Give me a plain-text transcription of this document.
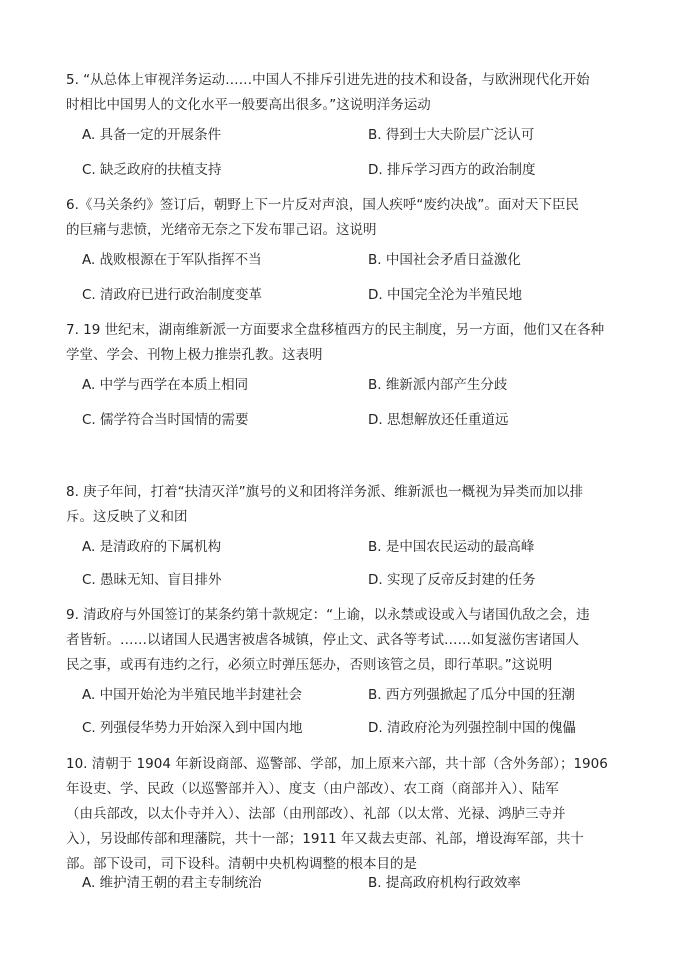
5. “从总体上审视洋务运动……中国人不排斥引进先进的技术和设备，与欧洲现代化开始
时相比中国男人的文化水平一般要高出很多。”这说明洋务运动
A. 具备一定的开展条件	B. 得到士大夫阶层广泛认可
C. 缺乏政府的扶植支持	D. 排斥学习西方的政治制度
6.《马关条约》签订后，朝野上下一片反对声浪，国人疾呼“废约决战”。面对天下臣民
的巨痛与悲愤，光绪帝无奈之下发布罪己诏。这说明
A. 战败根源在于军队指挥不当	B. 中国社会矛盾日益激化
C. 清政府已进行政治制度变革	D. 中国完全沦为半殖民地
7. 19 世纪末，湖南维新派一方面要求全盘移植西方的民主制度，另一方面，他们又在各种
学堂、学会、刊物上极力推崇孔教。这表明
A. 中学与西学在本质上相同	B. 维新派内部产生分歧
C. 儒学符合当时国情的需要	D. 思想解放还任重道远
8. 庚子年间，打着“扶清灭洋”旗号的义和团将洋务派、维新派也一概视为异类而加以排
斥。这反映了义和团
A. 是清政府的下属机构	B. 是中国农民运动的最高峰
C. 愚昧无知、盲目排外	D. 实现了反帝反封建的任务
9. 清政府与外国签订的某条约第十款规定：“上谕，以永禁或设或入与诸国仇敌之会，违
者皆斩。……以诸国人民遇害被虐各城镇，停止文、武各等考试……如复滋伤害诸国人
民之事，或再有违约之行，必须立时弹压惩办，否则该管之员，即行革职。”这说明
A. 中国开始沦为半殖民地半封建社会	B. 西方列强掀起了瓜分中国的狂潮
C. 列强侵华势力开始深入到中国内地	D. 清政府沦为列强控制中国的傀儡
10. 清朝于 1904 年新设商部、巡警部、学部，加上原来六部，共十部（含外务部）；1906
年设吏、学、民政（以巡警部并入）、度支（由户部改）、农工商（商部并入）、陆军
（由兵部改，以太仆寺并入）、法部（由刑部改）、礼部（以太常、光禄、鸿胪三寺并
入），另设邮传部和理藩院，共十一部；1911 年又裁去吏部、礼部，增设海军部，共十
部。部下设司，司下设科。清朝中央机构调整的根本目的是
A. 维护清王朝的君主专制统治	B. 提高政府机构行政效率
